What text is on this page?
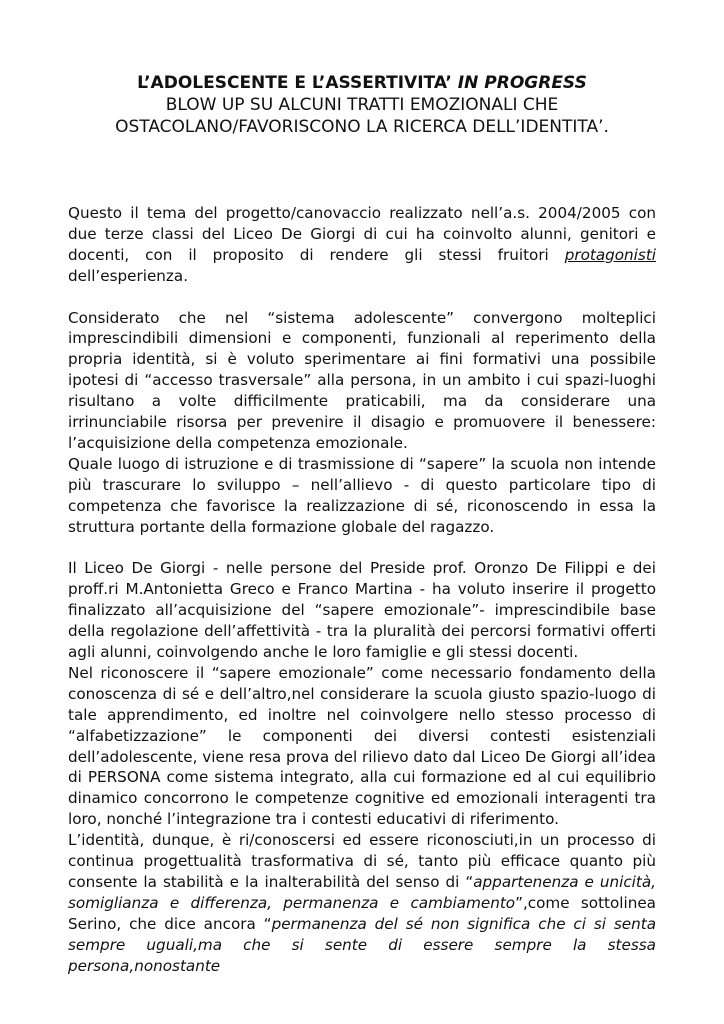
L’ADOLESCENTE E L’ASSERTIVITA’ IN PROGRESS
BLOW UP SU ALCUNI TRATTI EMOZIONALI CHE
OSTACOLANO/FAVORISCONO LA RICERCA DELL’IDENTITA’.

Questo il tema del progetto/canovaccio realizzato nell’a.s. 2004/2005 con due terze classi del Liceo De Giorgi di cui ha coinvolto alunni, genitori e docenti, con il proposito di rendere gli stessi fruitori protagonisti dell’esperienza.

Considerato che nel “sistema adolescente” convergono molteplici imprescindibili dimensioni e componenti, funzionali al reperimento della propria identità, si è voluto sperimentare ai fini formativi una possibile ipotesi di “accesso trasversale” alla persona, in un ambito i cui spazi-luoghi risultano a volte difficilmente praticabili, ma da considerare una irrinunciabile risorsa per prevenire il disagio e promuovere il benessere: l’acquisizione della competenza emozionale.

Quale luogo di istruzione e di trasmissione di “sapere” la scuola non intende più trascurare lo sviluppo – nell’allievo - di questo particolare tipo di competenza che favorisce la realizzazione di sé, riconoscendo in essa la struttura portante della formazione globale del ragazzo.

Il Liceo De Giorgi - nelle persone del Preside prof. Oronzo De Filippi e dei proff.ri M.Antonietta Greco e Franco Martina - ha voluto inserire il progetto finalizzato all’acquisizione del “sapere emozionale”- imprescindibile base della regolazione dell’affettività - tra la pluralità dei percorsi formativi offerti agli alunni, coinvolgendo anche le loro famiglie e gli stessi docenti.

Nel riconoscere il “sapere emozionale” come necessario fondamento della conoscenza di sé e dell’altro,nel considerare la scuola giusto spazio-luogo di tale apprendimento, ed inoltre nel coinvolgere nello stesso processo di “alfabetizzazione” le componenti dei diversi contesti esistenziali dell’adolescente, viene resa prova del rilievo dato dal Liceo De Giorgi all’idea di PERSONA come sistema integrato, alla cui formazione ed al cui equilibrio dinamico concorrono le competenze cognitive ed emozionali interagenti tra loro, nonché l’integrazione tra i contesti educativi di riferimento.

L’identità, dunque, è ri/conoscersi ed essere riconosciuti,in un processo di continua progettualità trasformativa di sé, tanto più efficace quanto più consente la stabilità e la inalterabilità del senso di “appartenenza e unicità, somiglianza e differenza, permanenza e cambiamento”,come sottolinea Serino, che dice ancora “permanenza del sé non significa che ci si senta sempre uguali,ma che si sente di essere sempre la stessa persona,nonostante
